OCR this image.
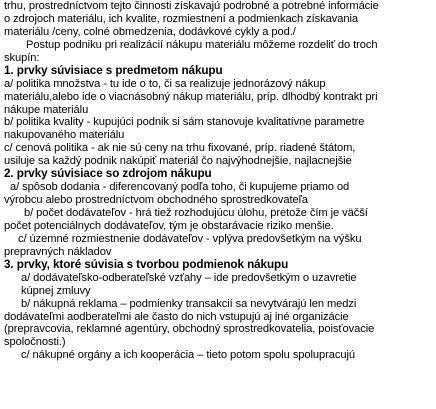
trhu, prostredníctvom tejto činnosti získavajú podrobné a potrebné informácie
o zdrojoch materiálu, ich kvalite, rozmiestnení a podmienkach získavania
materiálu /ceny, colné obmedzenia, dodávkové cykly a pod./
Postup podniku pri realizácií nákupu materiálu môžeme rozdeliť do troch
skupín:
1. prvky súvisiace s predmetom nákupu
a/ politika množstva - tu ide o to, či sa realizuje jednorázový nákup
materiálu,alebo ide o viacnásobný nákup materiálu, príp. dlhodbý kontrakt pri
nákupe materiálu
b/ politika kvality - kupujúci podnik si sám stanovuje kvalitatívne parametre
nakupovaného materiálu
c/ cenová politika - ak nie sú ceny na trhu fixované, príp. riadené štátom,
usiluje sa každý podnik nakúpiť materiál čo najvýhodnejšie, najlacnejšie
2. prvky súvisiace so zdrojom nákupu
a/ spôsob dodania - diferencovaný podľa toho, či kupujeme priamo od
výrobcu alebo prostredníctvom obchodného sprostredkovateľa
b/ počet dodávateľov - hrá tiež rozhodujúcu úlohu, pretože čím je väčší
počet potenciálnych dodávateľov, tým je obstarávacie riziko menšie.
c/ územné rozmiestnenie dodávateľov - vplýva predovšetkým na výšku
prepravných nákladov
3. prvky, ktoré súvisia s tvorbou podmienok nákupu
a/ dodávateľsko-odberateľské vzťahy – ide predovšetkým o uzavretie
kúpnej zmluvy
b/ nákupná reklama – podmienky transakcií sa nevytvárajú len medzi
dodávateľmi aodberateľmi ale často do nich vstupujú aj iné organizácie
(prepravcovia, reklamné agentúry, obchodný sprostredkovatelia, poisťovacie
spoločnosti.)
c/ nákupné orgány a ich kooperácia – tieto potom spolu spolupracujú
